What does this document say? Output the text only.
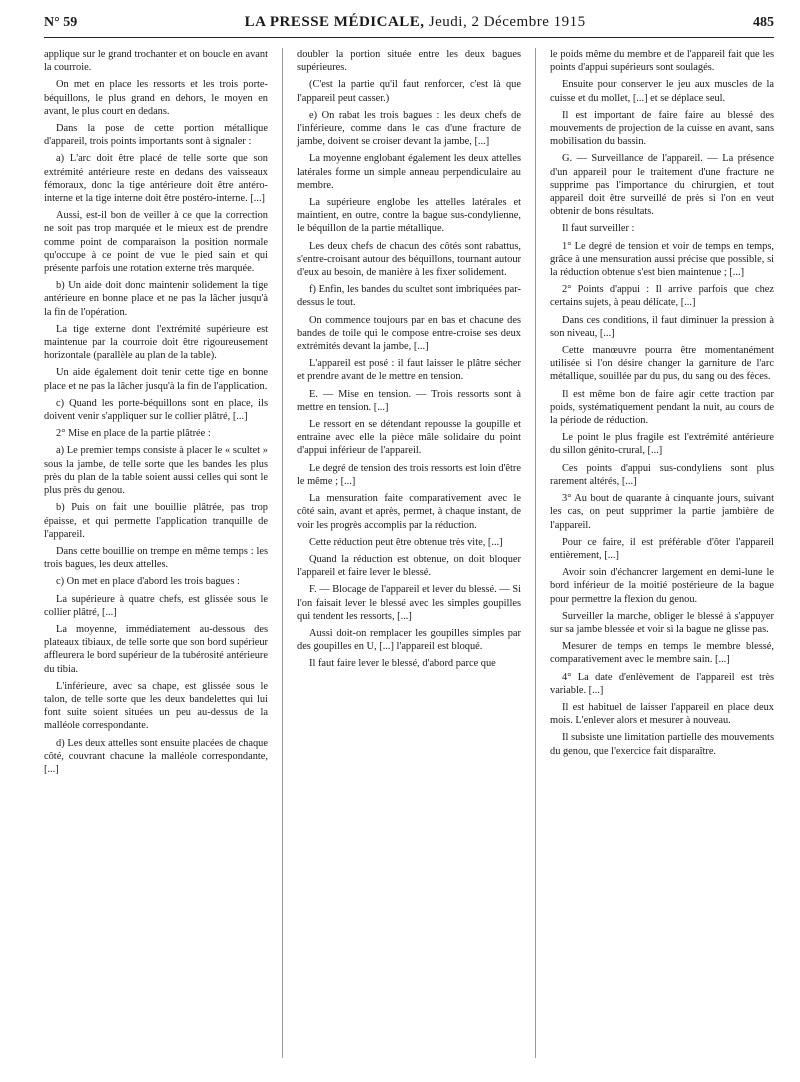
N° 59	LA PRESSE MÉDICALE, Jeudi, 2 Décembre 1915	485

applique sur le grand trochanter et on boucle en avant la courroie.

On met en place les ressorts et les trois porte-béquillons, le plus grand en dehors, le moyen en avant, le plus court en dedans.

Dans la pose de cette portion métallique d'appareil, trois points importants sont à signaler :

a) L'arc doit être placé de telle sorte que son extrémité antérieure reste en dedans des vaisseaux fémoraux, donc la tige antérieure doit être antéro-interne et la tige interne doit être postéro-interne. [...]

Aussi, est-il bon de veiller à ce que la correction ne soit pas trop marquée et le mieux est de prendre comme point de comparaison la position normale qu'occupe à ce point de vue le pied sain et qui présente parfois une rotation externe très marquée.

b) Un aide doit donc maintenir solidement la tige antérieure en bonne place et ne pas la lâcher jusqu'à la fin de l'opération.

La tige externe dont l'extrémité supérieure est maintenue par la courroie doit être rigoureusement horizontale (parallèle au plan de la table).

Un aide également doit tenir cette tige en bonne place et ne pas la lâcher jusqu'à la fin de l'application.

c) Quand les porte-béquillons sont en place, ils doivent venir s'appliquer sur le collier plâtré, [...]

2° Mise en place de la partie plâtrée :

a) Le premier temps consiste à placer le « scultet » sous la jambe, de telle sorte que les bandes les plus près du plan de la table soient aussi celles qui sont le plus près du genou.

b) Puis on fait une bouillie plâtrée, pas trop épaisse, et qui permette l'application tranquille de l'appareil.

Dans cette bouillie on trempe en même temps : les trois bagues, les deux attelles.

c) On met en place d'abord les trois bagues :

La supérieure à quatre chefs, est glissée sous le collier plâtré, [...]

La moyenne, immédiatement au-dessous des plateaux tibiaux, de telle sorte que son bord supérieur affleurera le bord supérieur de la tubérosité antérieure du tibia.

L'inférieure, avec sa chape, est glissée sous le talon, de telle sorte que les deux bandelettes qui lui font suite soient situées un peu au-dessus de la malléole correspondante.

d) Les deux attelles sont ensuite placées de chaque côté, couvrant chacune la malléole correspondante, [...]

doubler la portion située entre les deux bagues supérieures.

(C'est la partie qu'il faut renforcer, c'est là que l'appareil peut casser.)

e) On rabat les trois bagues : les deux chefs de l'inférieure, comme dans le cas d'une fracture de jambe, doivent se croiser devant la jambe, [...]

La moyenne englobant également les deux attelles latérales forme un simple anneau perpendiculaire au membre.

La supérieure englobe les attelles latérales et maintient, en outre, contre la bague sus-condylienne, le béquillon de la partie métallique.

Les deux chefs de chacun des côtés sont rabattus, s'entre-croisant autour des béquillons, tournant autour d'eux au besoin, de manière à les fixer solidement.

f) Enfin, les bandes du scultet sont imbriquées par-dessus le tout.

On commence toujours par en bas et chacune des bandes de toile qui le compose entre-croise ses deux extrémités devant la jambe, [...]

L'appareil est posé : il faut laisser le plâtre sécher et prendre avant de le mettre en tension.

E. — Mise en tension. — Trois ressorts sont à mettre en tension. [...]

Le ressort en se détendant repousse la goupille et entraine avec elle la pièce mâle solidaire du point d'appui inférieur de l'appareil.

Le degré de tension des trois ressorts est loin d'être le même ; [...]

La mensuration faite comparativement avec le côté sain, avant et après, permet, à chaque instant, de voir les progrès accomplis par la réduction.

Cette réduction peut être obtenue très vite, [...]

Quand la réduction est obtenue, on doit bloquer l'appareil et faire lever le blessé.

F. — Blocage de l'appareil et lever du blessé. — Si l'on faisait lever le blessé avec les simples goupilles qui tendent les ressorts, [...]

Aussi doit-on remplacer les goupilles simples par des goupilles en U, [...] l'appareil est bloqué.

Il faut faire lever le blessé, d'abord parce que

le poids même du membre et de l'appareil fait que les points d'appui supérieurs sont soulagés.

Ensuite pour conserver le jeu aux muscles de la cuisse et du mollet, [...] et se déplace seul.

Il est important de faire faire au blessé des mouvements de projection de la cuisse en avant, sans mobilisation du bassin.

G. — Surveillance de l'appareil. — La présence d'un appareil pour le traitement d'une fracture ne supprime pas l'importance du chirurgien, et tout appareil doit être surveillé de près si l'on en veut obtenir de bons résultats.

Il faut surveiller :

1° Le degré de tension et voir de temps en temps, grâce à une mensuration aussi précise que possible, si la réduction obtenue s'est bien maintenue ; [...]

2° Points d'appui : Il arrive parfois que chez certains sujets, à peau délicate, [...]

Dans ces conditions, il faut diminuer la pression à son niveau, [...]

Cette manœuvre pourra être momentanément utilisée si l'on désire changer la garniture de l'arc métallique, souillée par du pus, du sang ou des fèces.

Il est même bon de faire agir cette traction par poids, systématiquement pendant la nuit, au cours de la période de réduction.

Le point le plus fragile est l'extrémité antérieure du sillon génito-crural, [...]

Ces points d'appui sus-condyliens sont plus rarement altérés, [...]

3° Au bout de quarante à cinquante jours, suivant les cas, on peut supprimer la partie jambière de l'appareil.

Pour ce faire, il est préférable d'ôter l'appareil entièrement, [...]

Avoir soin d'échancrer largement en demi-lune le bord inférieur de la moitié postérieure de la bague pour permettre la flexion du genou.

Surveiller la marche, obliger le blessé à s'appuyer sur sa jambe blessée et voir si la bague ne glisse pas.

Mesurer de temps en temps le membre blessé, comparativement avec le membre sain. [...]

4° La date d'enlèvement de l'appareil est très variable. [...]

Il est habituel de laisser l'appareil en place deux mois. L'enlever alors et mesurer à nouveau.

Il subsiste une limitation partielle des mouvements du genou, que l'exercice fait disparaître.
